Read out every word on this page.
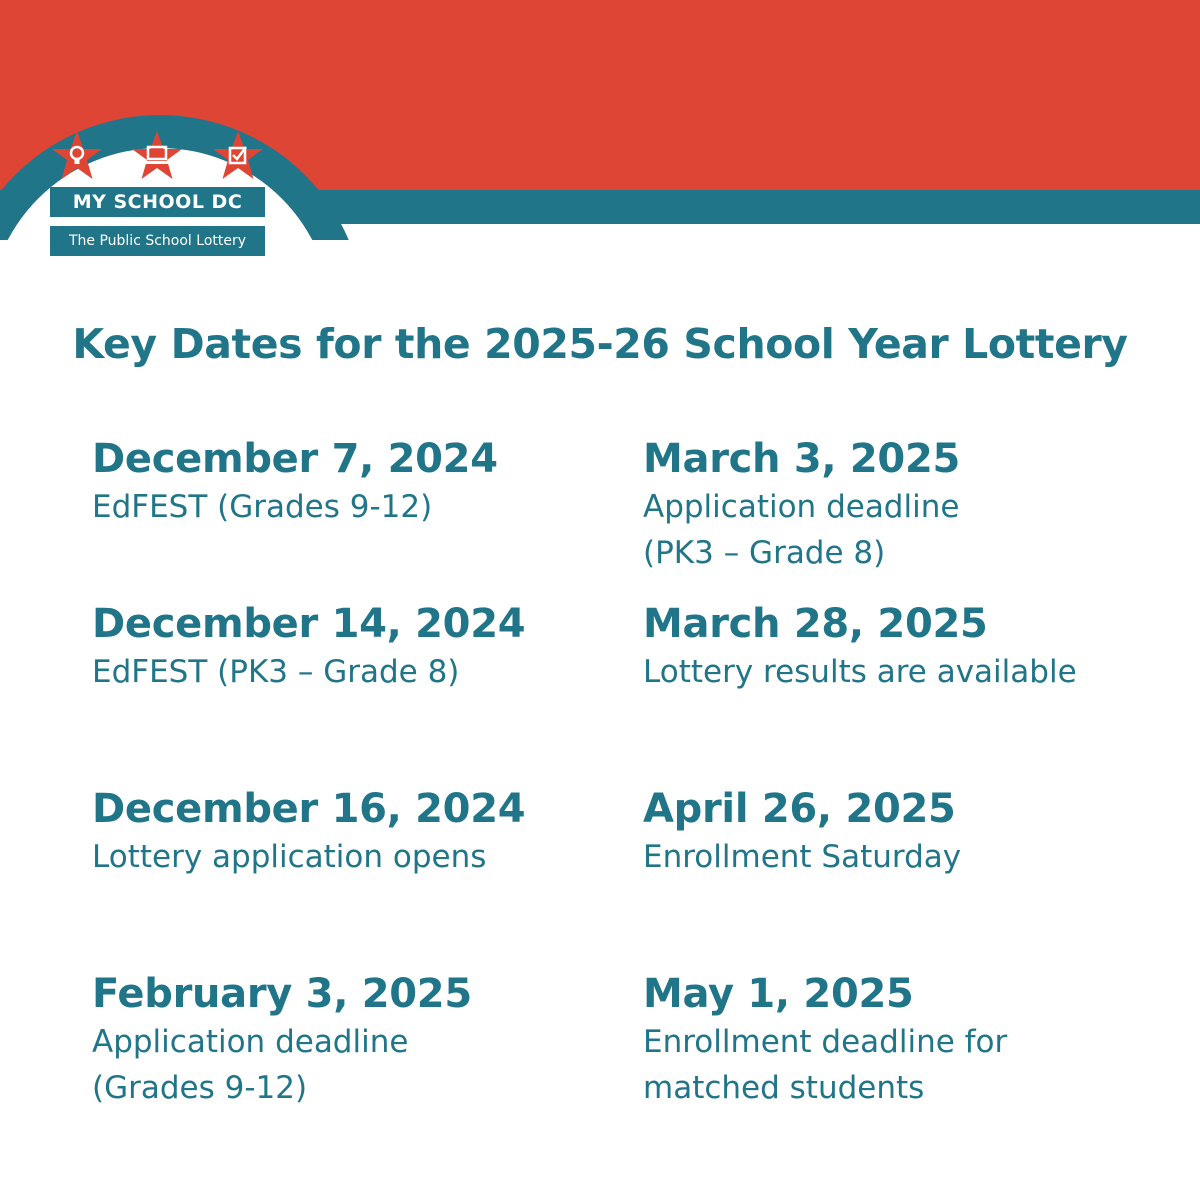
MY SCHOOL DC
The Public School Lottery
Key Dates for the 2025-26 School Year Lottery
December 7, 2024
EdFEST (Grades 9-12)
March 3, 2025
Application deadline
(PK3 – Grade 8)
December 14, 2024
EdFEST (PK3 – Grade 8)
March 28, 2025
Lottery results are available
December 16, 2024
Lottery application opens
April 26, 2025
Enrollment Saturday
February 3, 2025
Application deadline
(Grades 9-12)
May 1, 2025
Enrollment deadline for
matched students
